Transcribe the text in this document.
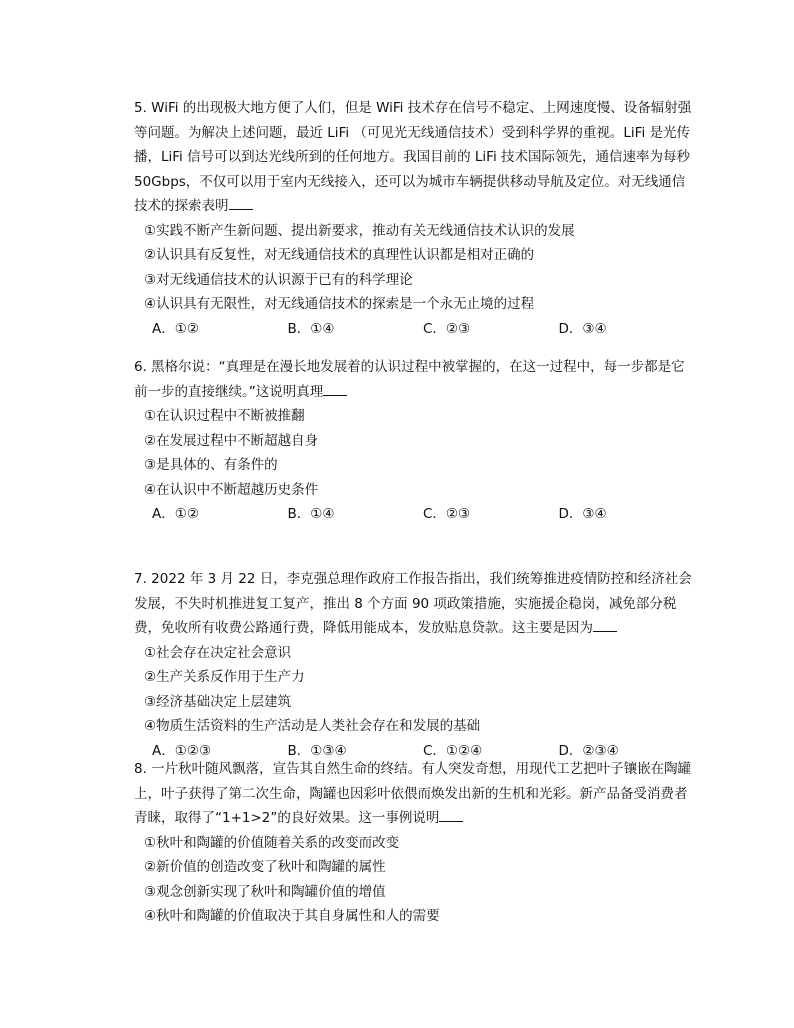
5. WiFi 的出现极大地方便了人们，但是 WiFi 技术存在信号不稳定、上网速度慢、设备辐射强等问题。为解决上述问题，最近 LiFi （可见光无线通信技术）受到科学界的重视。LiFi 是光传播，LiFi 信号可以到达光线所到的任何地方。我国目前的 LiFi 技术国际领先，通信速率为每秒 50Gbps，不仅可以用于室内无线接入，还可以为城市车辆提供移动导航及定位。对无线通信技术的探索表明

①实践不断产生新问题、提出新要求，推动有关无线通信技术认识的发展

②认识具有反复性，对无线通信技术的真理性认识都是相对正确的

③对无线通信技术的认识源于已有的科学理论

④认识具有无限性，对无线通信技术的探索是一个永无止境的过程

A．①②	B．①④	C．②③	D．③④

6. 黑格尔说：“真理是在漫长地发展着的认识过程中被掌握的，在这一过程中，每一步都是它前一步的直接继续。”这说明真理

①在认识过程中不断被推翻

②在发展过程中不断超越自身

③是具体的、有条件的

④在认识中不断超越历史条件

A．①②	B．①④	C．②③	D．③④

7. 2022 年 3 月 22 日，李克强总理作政府工作报告指出，我们统筹推进疫情防控和经济社会发展，不失时机推进复工复产，推出 8 个方面 90 项政策措施，实施援企稳岗，减免部分税费，免收所有收费公路通行费，降低用能成本，发放贴息贷款。这主要是因为

①社会存在决定社会意识

②生产关系反作用于生产力

③经济基础决定上层建筑

④物质生活资料的生产活动是人类社会存在和发展的基础

A．①②③	B．①③④	C．①②④	D．②③④

8. 一片秋叶随风飘落，宣告其自然生命的终结。有人突发奇想，用现代工艺把叶子镶嵌在陶罐上，叶子获得了第二次生命，陶罐也因彩叶依偎而焕发出新的生机和光彩。新产品备受消费者青睐，取得了“1+1>2”的良好效果。这一事例说明

①秋叶和陶罐的价值随着关系的改变而改变

②新价值的创造改变了秋叶和陶罐的属性

③观念创新实现了秋叶和陶罐价值的增值

④秋叶和陶罐的价值取决于其自身属性和人的需要
